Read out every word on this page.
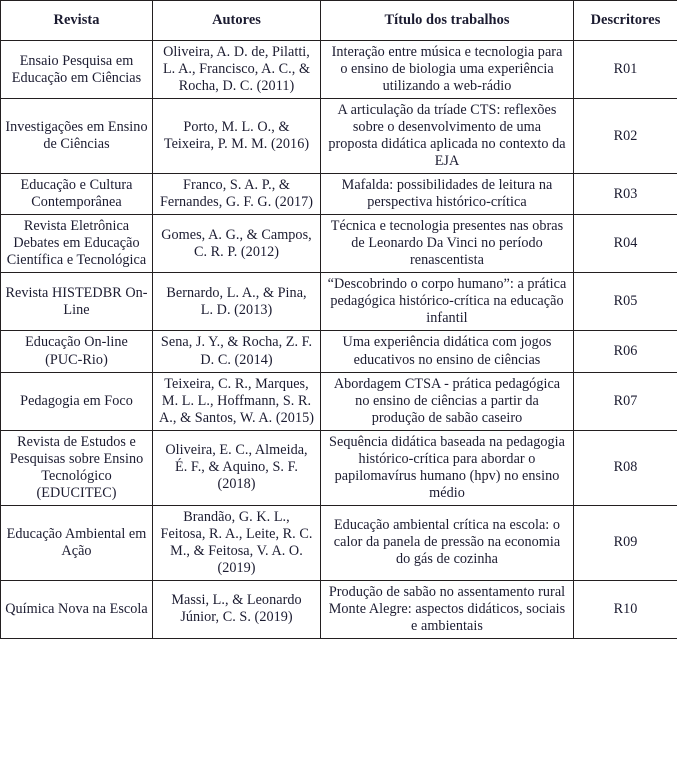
Revista	Autores	Título dos trabalhos	Descritores
Ensaio Pesquisa em Educação em Ciências	Oliveira, A. D. de, Pilatti, L. A., Francisco, A. C., & Rocha, D. C. (2011)	Interação entre música e tecnologia para o ensino de biologia uma experiência utilizando a web-rádio	R01
Investigações em Ensino de Ciências	Porto, M. L. O., & Teixeira, P. M. M. (2016)	A articulação da tríade CTS: reflexões sobre o desenvolvimento de uma proposta didática aplicada no contexto da EJA	R02
Educação e Cultura Contemporânea	Franco, S. A. P., & Fernandes, G. F. G. (2017)	Mafalda: possibilidades de leitura na perspectiva histórico-crítica	R03
Revista Eletrônica Debates em Educação Científica e Tecnológica	Gomes, A. G., & Campos, C. R. P. (2012)	Técnica e tecnologia presentes nas obras de Leonardo Da Vinci no período renascentista	R04
Revista HISTEDBR On-Line	Bernardo, L. A., & Pina, L. D. (2013)	“Descobrindo o corpo humano”: a prática pedagógica histórico-crítica na educação infantil	R05
Educação On-line (PUC-Rio)	Sena, J. Y., & Rocha, Z. F. D. C. (2014)	Uma experiência didática com jogos educativos no ensino de ciências	R06
Pedagogia em Foco	Teixeira, C. R., Marques, M. L. L., Hoffmann, S. R. A., & Santos, W. A. (2015)	Abordagem CTSA - prática pedagógica no ensino de ciências a partir da produção de sabão caseiro	R07
Revista de Estudos e Pesquisas sobre Ensino Tecnológico (EDUCITEC)	Oliveira, E. C., Almeida, É. F., & Aquino, S. F. (2018)	Sequência didática baseada na pedagogia histórico-crítica para abordar o papilomavírus humano (hpv) no ensino médio	R08
Educação Ambiental em Ação	Brandão, G. K. L., Feitosa, R. A., Leite, R. C. M., & Feitosa, V. A. O. (2019)	Educação ambiental crítica na escola: o calor da panela de pressão na economia do gás de cozinha	R09
Química Nova na Escola	Massi, L., & Leonardo Júnior, C. S. (2019)	Produção de sabão no assentamento rural Monte Alegre: aspectos didáticos, sociais e ambientais	R10
